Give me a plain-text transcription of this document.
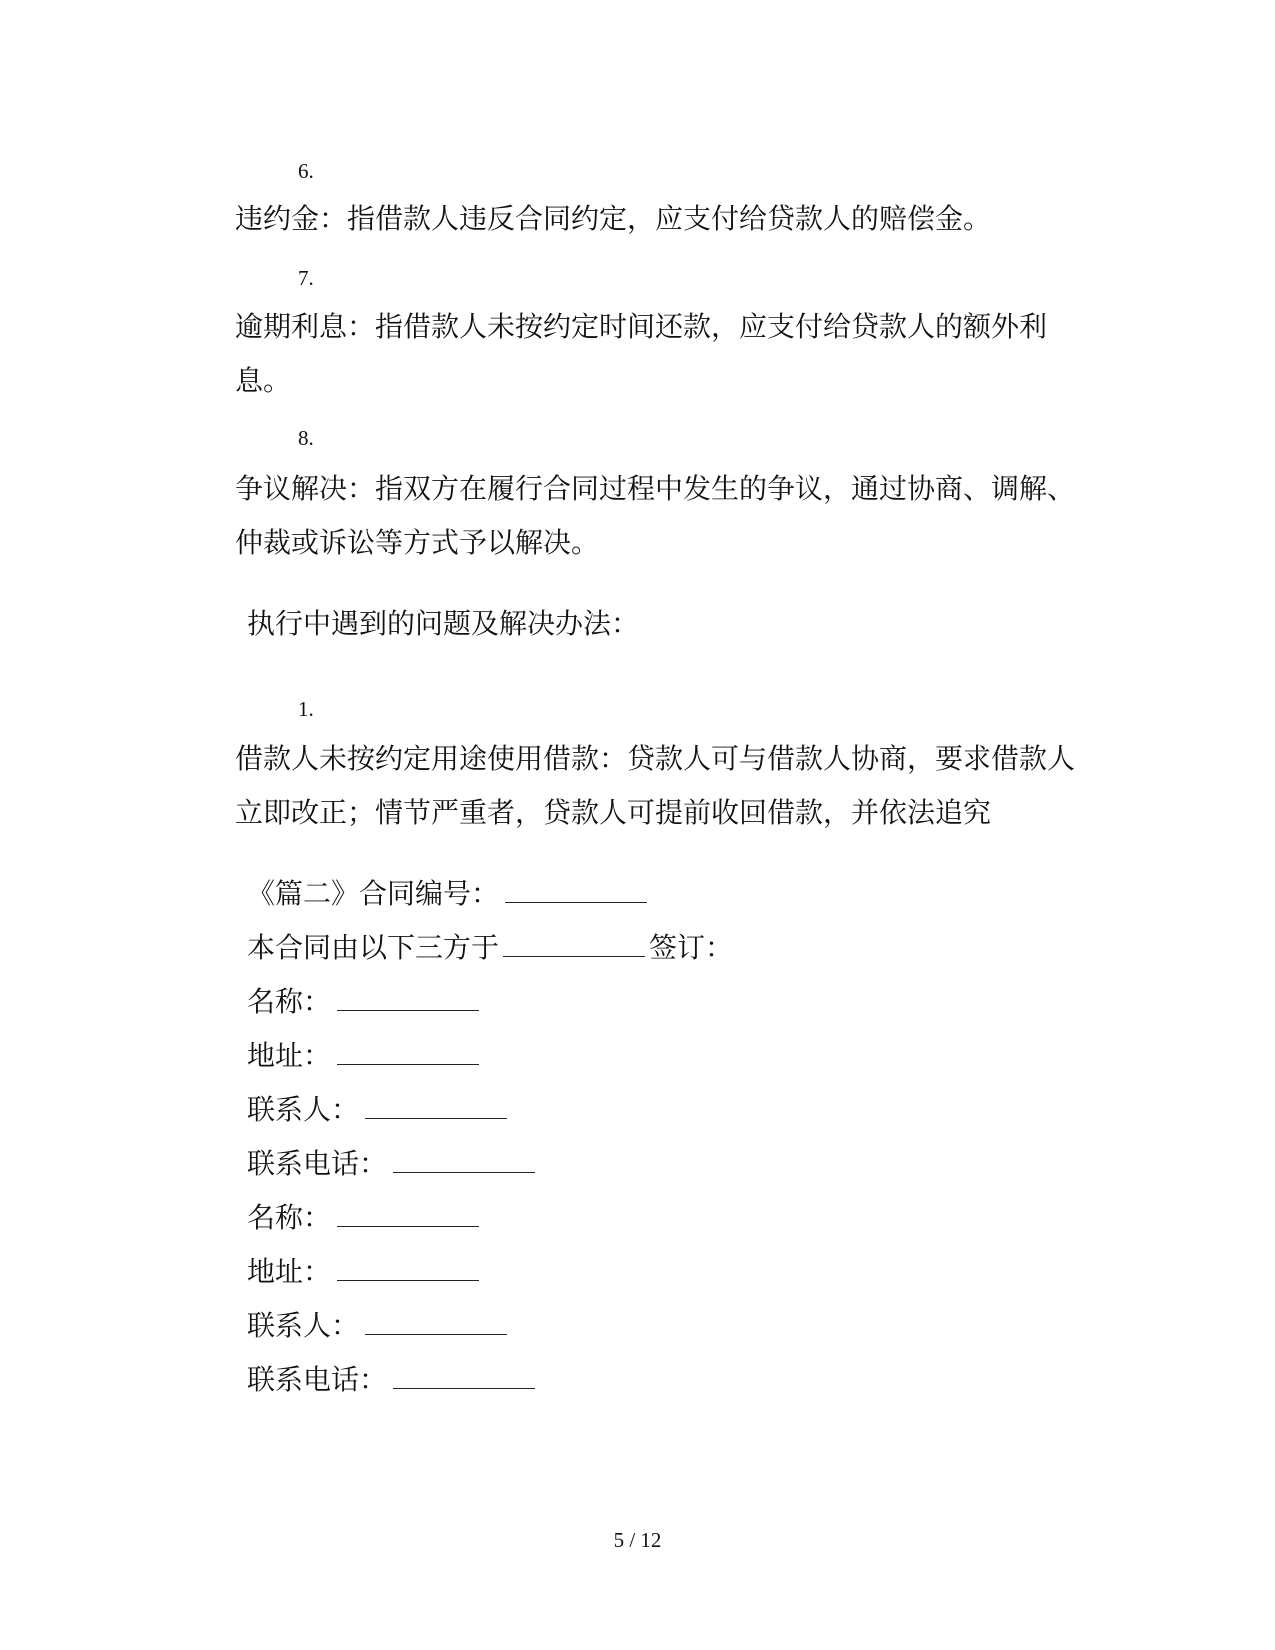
6.

违约金：指借款人违反合同约定，应支付给贷款人的赔偿金。

7.

逾期利息：指借款人未按约定时间还款，应支付给贷款人的额外利息。

8.

争议解决：指双方在履行合同过程中发生的争议，通过协商、调解、仲裁或诉讼等方式予以解决。

执行中遇到的问题及解决办法：
1.

借款人未按约定用途使用借款：贷款人可与借款人协商，要求借款人立即改正；情节严重者，贷款人可提前收回借款，并依法追究

《篇二》合同编号：
本合同由以下三方于	签订：
名称：
地址：
联系人：
联系电话：
名称：
地址：
联系人：
联系电话：
5 / 12
